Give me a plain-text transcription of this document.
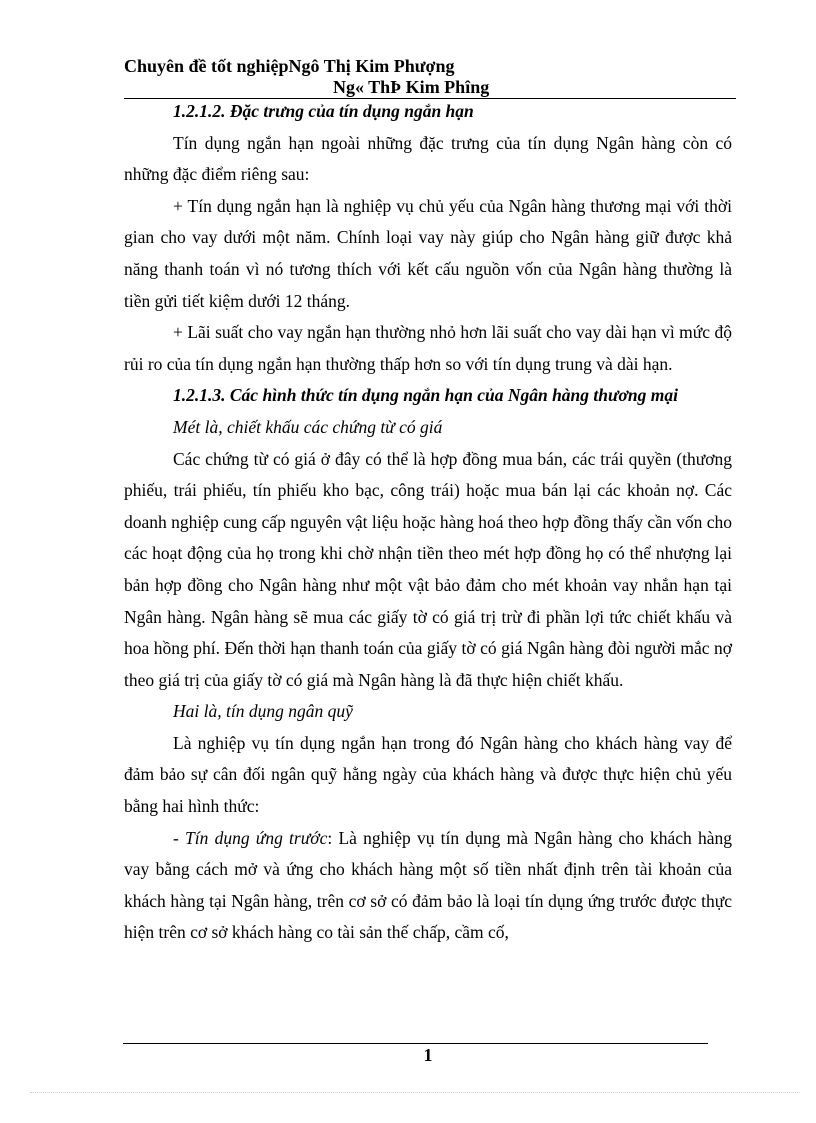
Chuyên đề tốt nghiệpNgô Thị Kim Phượng
Ng« ThÞ Kim Phîng

1.2.1.2. Đặc trưng của tín dụng ngắn hạn

Tín dụng ngắn hạn ngoài những đặc trưng của tín dụng Ngân hàng còn có những đặc điểm riêng sau:

+ Tín dụng ngắn hạn là nghiệp vụ chủ yếu của Ngân hàng thương mại với thời gian cho vay dưới một năm. Chính loại vay này giúp cho Ngân hàng giữ được khả năng thanh toán vì nó tương thích với kết cấu nguồn vốn của Ngân hàng thường là tiền gửi tiết kiệm dưới 12 tháng.

+ Lãi suất cho vay ngắn hạn thường nhỏ hơn lãi suất cho vay dài hạn vì mức độ rủi ro của tín dụng ngắn hạn thường thấp hơn so với tín dụng trung và dài hạn.

1.2.1.3. Các hình thức tín dụng ngắn hạn của Ngân hàng thương mại

Mét là, chiết khấu các chứng từ có giá

Các chứng từ có giá ở đây có thể là hợp đồng mua bán, các trái quyền (thương phiếu, trái phiếu, tín phiếu kho bạc, công trái) hoặc mua bán lại các khoản nợ. Các doanh nghiệp cung cấp nguyên vật liệu hoặc hàng hoá theo hợp đồng thấy cần vốn cho các hoạt động của họ trong khi chờ nhận tiền theo mét hợp đồng họ có thể nhượng lại bản hợp đồng cho Ngân hàng như một vật bảo đảm cho mét khoản vay nhắn hạn tại Ngân hàng. Ngân hàng sẽ mua các giấy tờ có giá trị trừ đi phần lợi tức chiết khấu và hoa hồng phí. Đến thời hạn thanh toán của giấy tờ có giá Ngân hàng đòi người mắc nợ theo giá trị của giấy tờ có giá mà Ngân hàng là đã thực hiện chiết khấu.

Hai là, tín dụng ngân quỹ

Là nghiệp vụ tín dụng ngắn hạn trong đó Ngân hàng cho khách hàng vay để đảm bảo sự cân đối ngân quỹ hằng ngày của khách hàng và được thực hiện chủ yếu bằng hai hình thức:

- Tín dụng ứng trước: Là nghiệp vụ tín dụng mà Ngân hàng cho khách hàng vay bằng cách mở và ứng cho khách hàng một số tiền nhất định trên tài khoản của khách hàng tại Ngân hàng, trên cơ sở có đảm bảo là loại tín dụng ứng trước được thực hiện trên cơ sở khách hàng co tài sản thế chấp, cầm cố,

1
